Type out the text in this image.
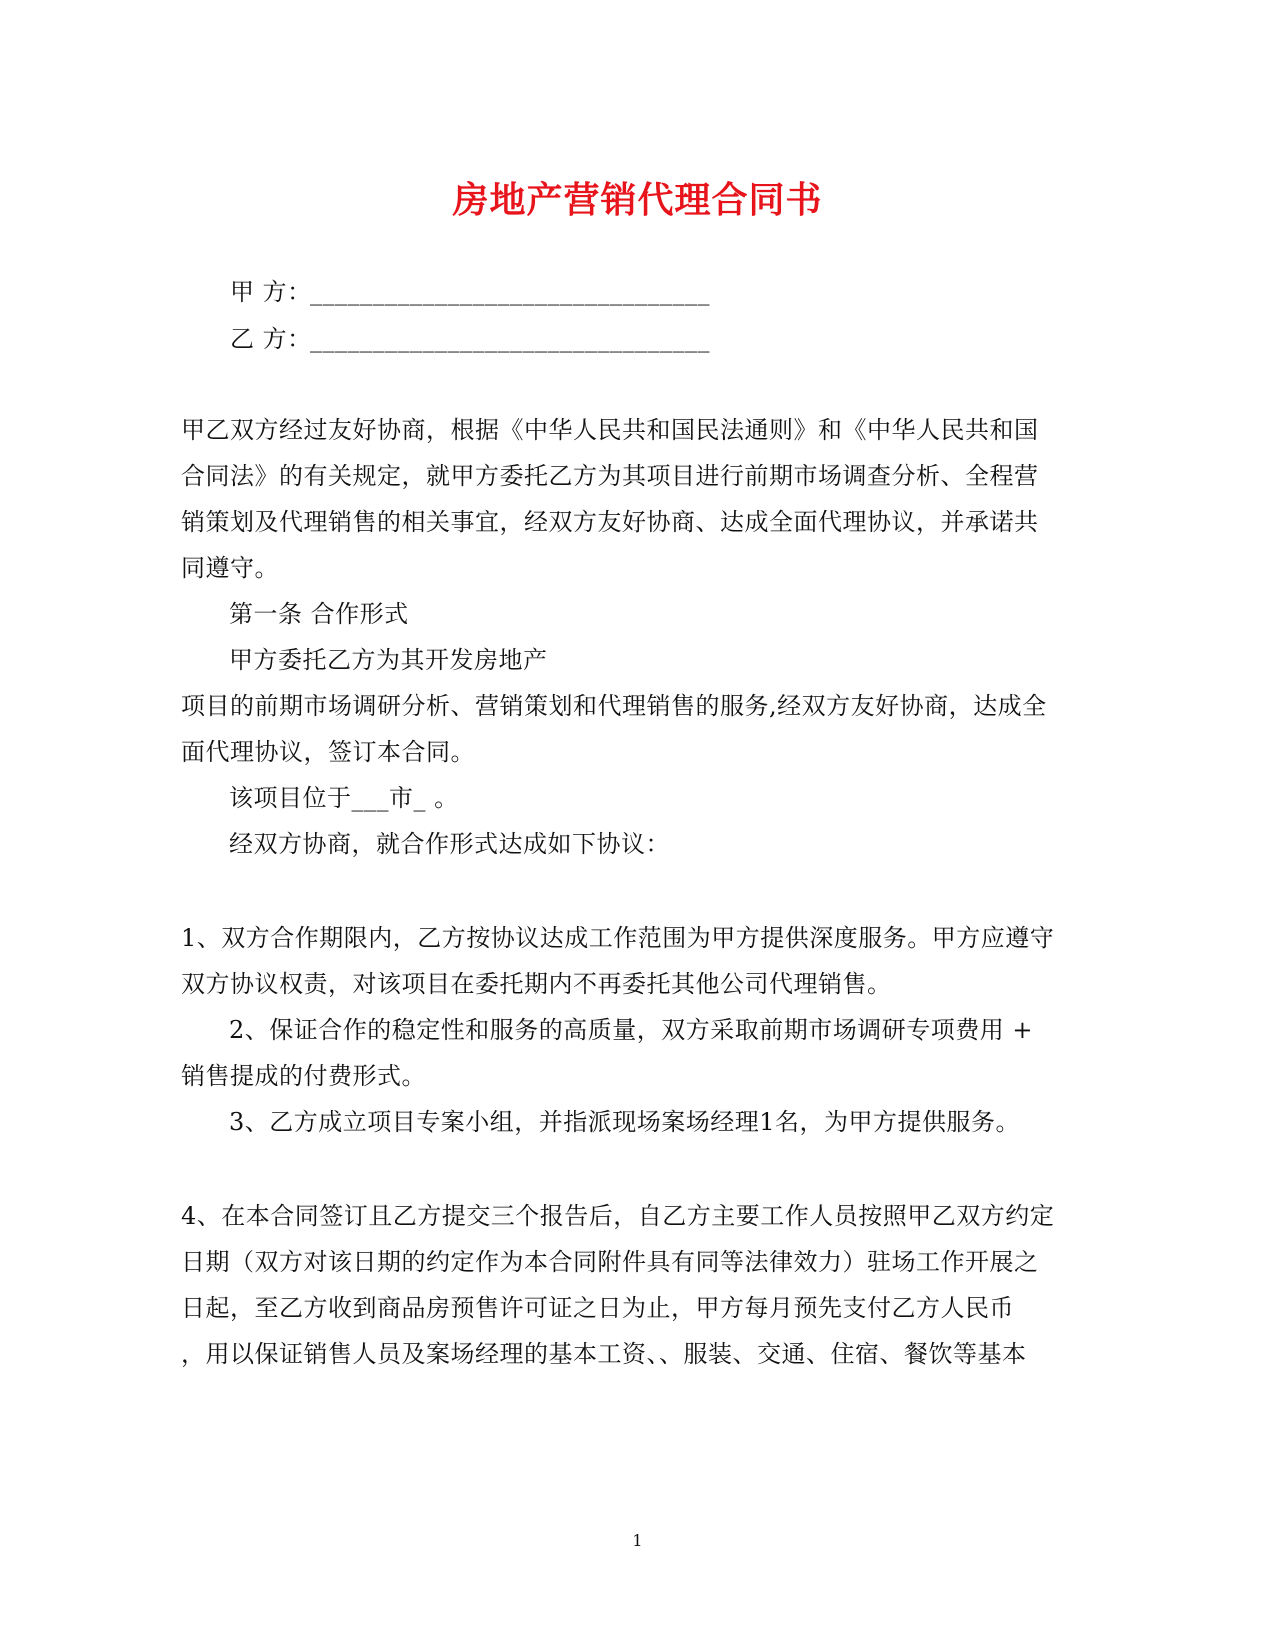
房地产营销代理合同书
甲 方：________________________________
乙 方：________________________________
甲乙双方经过友好协商，根据《中华人民共和国民法通则》和《中华人民共和国
合同法》的有关规定，就甲方委托乙方为其项目进行前期市场调查分析、全程营
销策划及代理销售的相关事宜，经双方友好协商、达成全面代理协议，并承诺共
同遵守。
第一条 合作形式
甲方委托乙方为其开发房地产
项目的前期市场调研分析、营销策划和代理销售的服务,经双方友好协商，达成全
面代理协议，签订本合同。
该项目位于___市_ 。
经双方协商，就合作形式达成如下协议：
1、双方合作期限内，乙方按协议达成工作范围为甲方提供深度服务。甲方应遵守
双方协议权责，对该项目在委托期内不再委托其他公司代理销售。
2、保证合作的稳定性和服务的高质量，双方采取前期市场调研专项费用 +
销售提成的付费形式。
3、乙方成立项目专案小组，并指派现场案场经理1名，为甲方提供服务。
4、在本合同签订且乙方提交三个报告后，自乙方主要工作人员按照甲乙双方约定
日期（双方对该日期的约定作为本合同附件具有同等法律效力）驻场工作开展之
日起，至乙方收到商品房预售许可证之日为止，甲方每月预先支付乙方人民币
，用以保证销售人员及案场经理的基本工资、、服装、交通、住宿、餐饮等基本
1
